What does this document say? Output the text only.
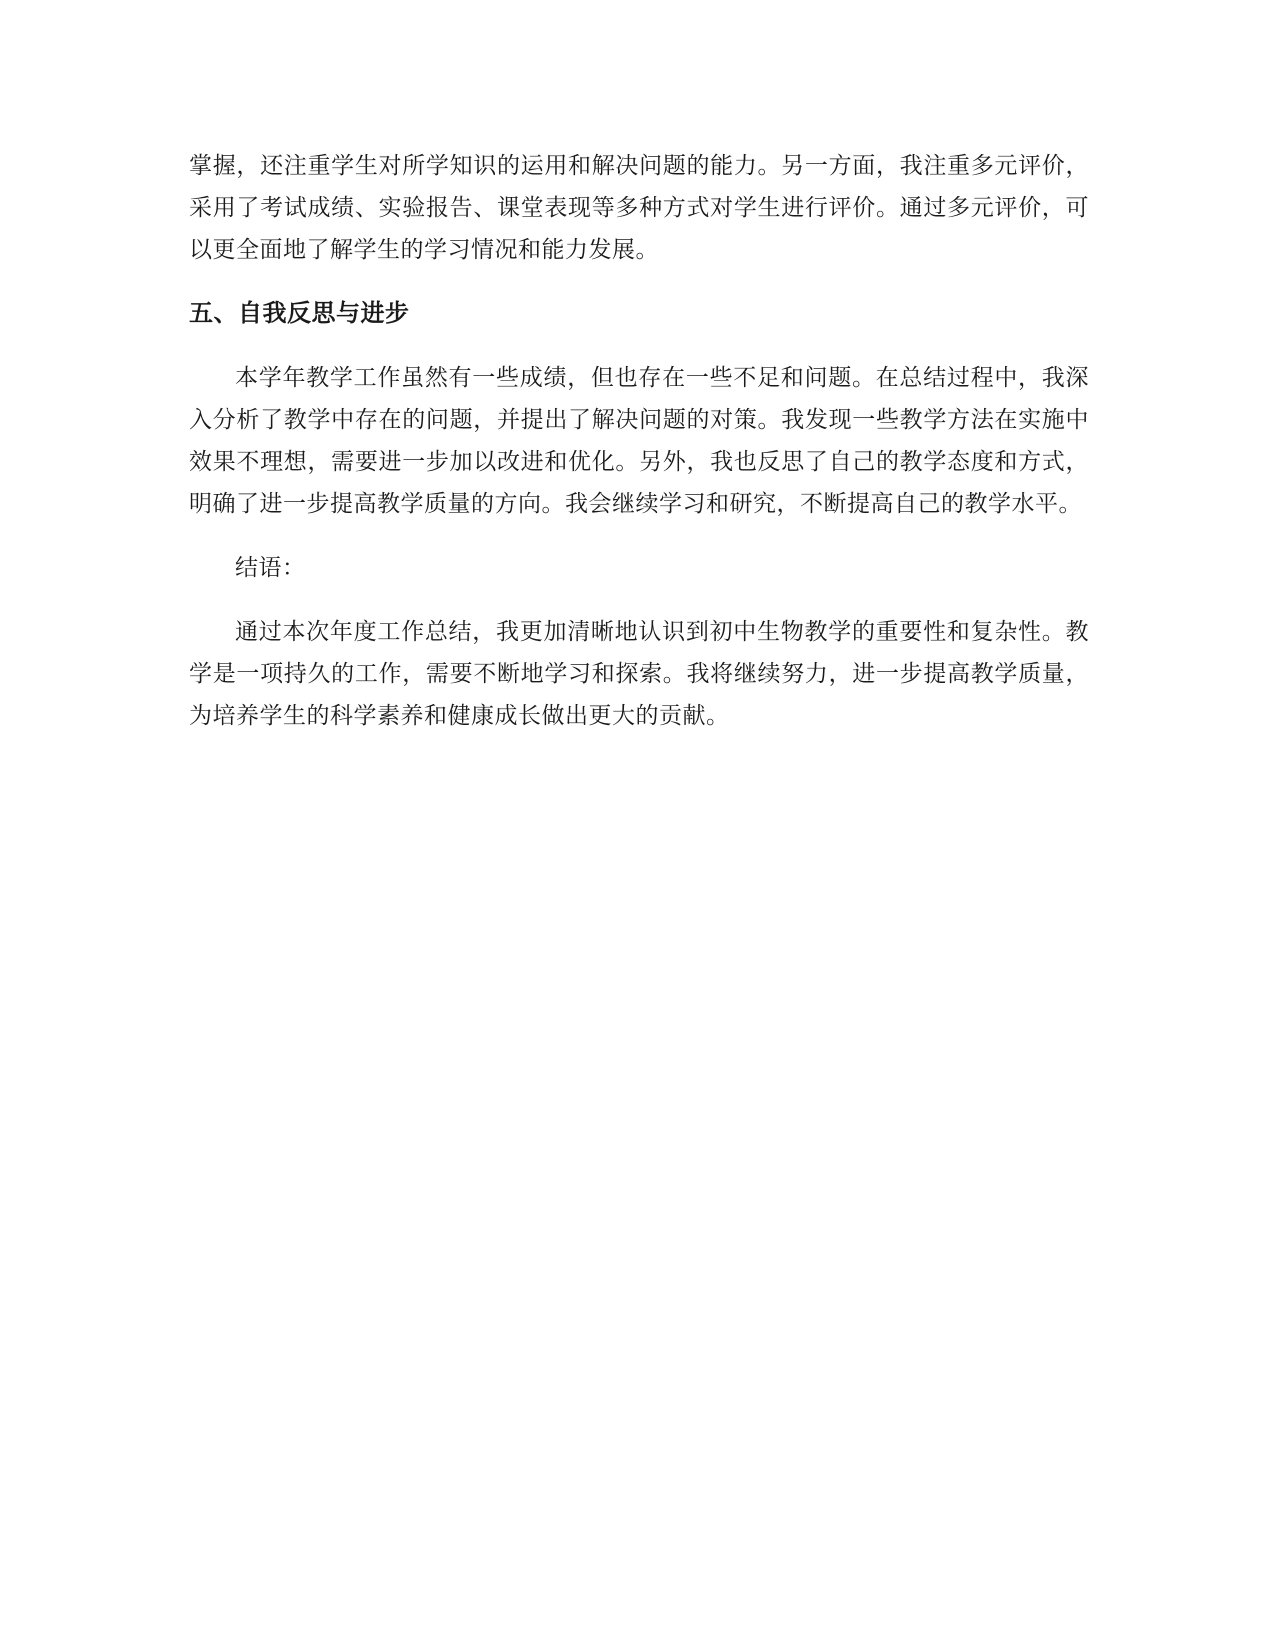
掌握，还注重学生对所学知识的运用和解决问题的能力。另一方面，我注重多元评价，采用了考试成绩、实验报告、课堂表现等多种方式对学生进行评价。通过多元评价，可以更全面地了解学生的学习情况和能力发展。

五、自我反思与进步

本学年教学工作虽然有一些成绩，但也存在一些不足和问题。在总结过程中，我深入分析了教学中存在的问题，并提出了解决问题的对策。我发现一些教学方法在实施中效果不理想，需要进一步加以改进和优化。另外，我也反思了自己的教学态度和方式，明确了进一步提高教学质量的方向。我会继续学习和研究，不断提高自己的教学水平。

结语：

通过本次年度工作总结，我更加清晰地认识到初中生物教学的重要性和复杂性。教学是一项持久的工作，需要不断地学习和探索。我将继续努力，进一步提高教学质量，为培养学生的科学素养和健康成长做出更大的贡献。
